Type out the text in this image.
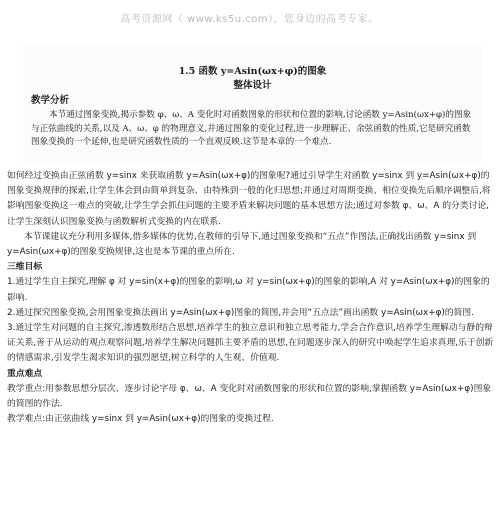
高考资源网（ www.ks5u.com），您身边的高考专家。
1.5 函数 y=Asin(ωx+φ)的图象
整体设计
教学分析
本节通过图象变换,揭示参数 φ、ω、A 变化时对函数图象的形状和位置的影响,讨论函数 y=Asin(ωx+φ)的图象与正弦曲线的关系,以及 A、ω、φ 的物理意义,并通过图象的变化过程,进一步理解正、余弦函数的性质,它是研究函数图象变换的一个延伸,也是研究函数性质的一个直观反映.这节是本章的一个难点.

如何经过变换由正弦函数 y=sinx 来获取函数 y=Asin(ωx+φ)的图象呢?通过引导学生对函数 y=sinx 到 y=Asin(ωx+φ)的图象变换规律的探索,让学生体会到由简单到复杂、由特殊到一般的化归思想;并通过对周期变换、相位变换先后顺序调整后,将影响图象变换这一难点的突破,让学生学会抓住问题的主要矛盾来解决问题的基本思想方法;通过对参数 φ、ω、A 的分类讨论,让学生深刻认识图象变换与函数解析式变换的内在联系.

本节课建议充分利用多媒体,借多媒体的优势,在教师的引导下,通过图象变换和“五点”作图法,正确找出函数 y=sinx 到 y=Asin(ωx+φ)的图象变换规律,这也是本节课的重点所在.

三维目标

1.通过学生自主探究,理解 φ 对 y=sin(x+φ)的图象的影响,ω 对 y=sin(ωx+φ)的图象的影响,A 对 y=Asin(ωx+φ)的图象的影响.

2.通过探究图象变换,会用图象变换法画出 y=Asin(ωx+φ)图象的简图,并会用“五点法”画出函数 y=Asin(ωx+φ)的简图.

3.通过学生对问题的自主探究,渗透数形结合思想,培养学生的独立意识和独立思考能力,学会合作意识,培养学生理解动与静的辩证关系,善于从运动的观点观察问题,培养学生解决问题抓主要矛盾的思想,在问题逐步深入的研究中唤起学生追求真理,乐于创新的情感需求,引发学生渴求知识的强烈愿望,树立科学的人生观、价值观.

重点难点

教学重点:用参数思想分层次、逐步讨论字母 φ、ω、A 变化时对函数图象的形状和位置的影响,掌握函数 y=Asin(ωx+φ)图象的简图的作法.

教学难点:由正弦曲线 y=sinx 到 y=Asin(ωx+φ)的图象的变换过程.
